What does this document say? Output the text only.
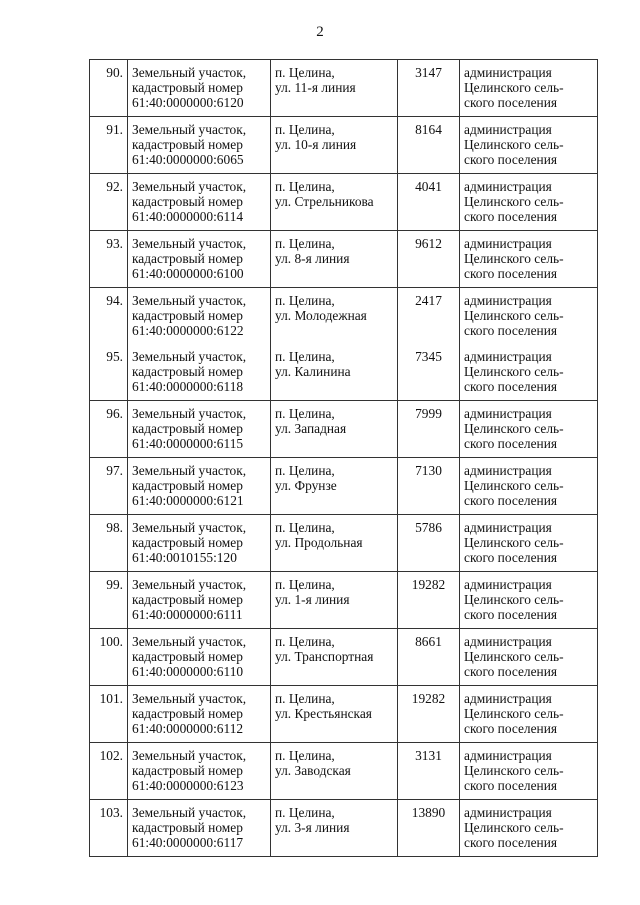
2
90.	Земельный участок,
кадастровый номер
61:40:0000000:6120	п. Целина,
ул. 11-я линия	3147	администрация
Целинского сель-
ского поселения

91.	Земельный участок,
кадастровый номер
61:40:0000000:6065	п. Целина,
ул. 10-я линия	8164	администрация
Целинского сель-
ского поселения

92.	Земельный участок,
кадастровый номер
61:40:0000000:6114	п. Целина,
ул. Стрельникова	4041	администрация
Целинского сель-
ского поселения

93.	Земельный участок,
кадастровый номер
61:40:0000000:6100	п. Целина,
ул. 8-я линия	9612	администрация
Целинского сель-
ского поселения

94.	Земельный участок,
кадастровый номер
61:40:0000000:6122	п. Целина,
ул. Молодежная	2417	администрация
Целинского сель-
ского поселения

95.	Земельный участок,
кадастровый номер
61:40:0000000:6118	п. Целина,
ул. Калинина	7345	администрация
Целинского сель-
ского поселения

96.	Земельный участок,
кадастровый номер
61:40:0000000:6115	п. Целина,
ул. Западная	7999	администрация
Целинского сель-
ского поселения

97.	Земельный участок,
кадастровый номер
61:40:0000000:6121	п. Целина,
ул. Фрунзе	7130	администрация
Целинского сель-
ского поселения

98.	Земельный участок,
кадастровый номер
61:40:0010155:120	п. Целина,
ул. Продольная	5786	администрация
Целинского сель-
ского поселения

99.	Земельный участок,
кадастровый номер
61:40:0000000:6111	п. Целина,
ул. 1-я линия	19282	администрация
Целинского сель-
ского поселения

100.	Земельный участок,
кадастровый номер
61:40:0000000:6110	п. Целина,
ул. Транспортная	8661	администрация
Целинского сель-
ского поселения

101.	Земельный участок,
кадастровый номер
61:40:0000000:6112	п. Целина,
ул. Крестьянская	19282	администрация
Целинского сель-
ского поселения

102.	Земельный участок,
кадастровый номер
61:40:0000000:6123	п. Целина,
ул. Заводская	3131	администрация
Целинского сель-
ского поселения

103.	Земельный участок,
кадастровый номер
61:40:0000000:6117	п. Целина,
ул. 3-я линия	13890	администрация
Целинского сель-
ского поселения
